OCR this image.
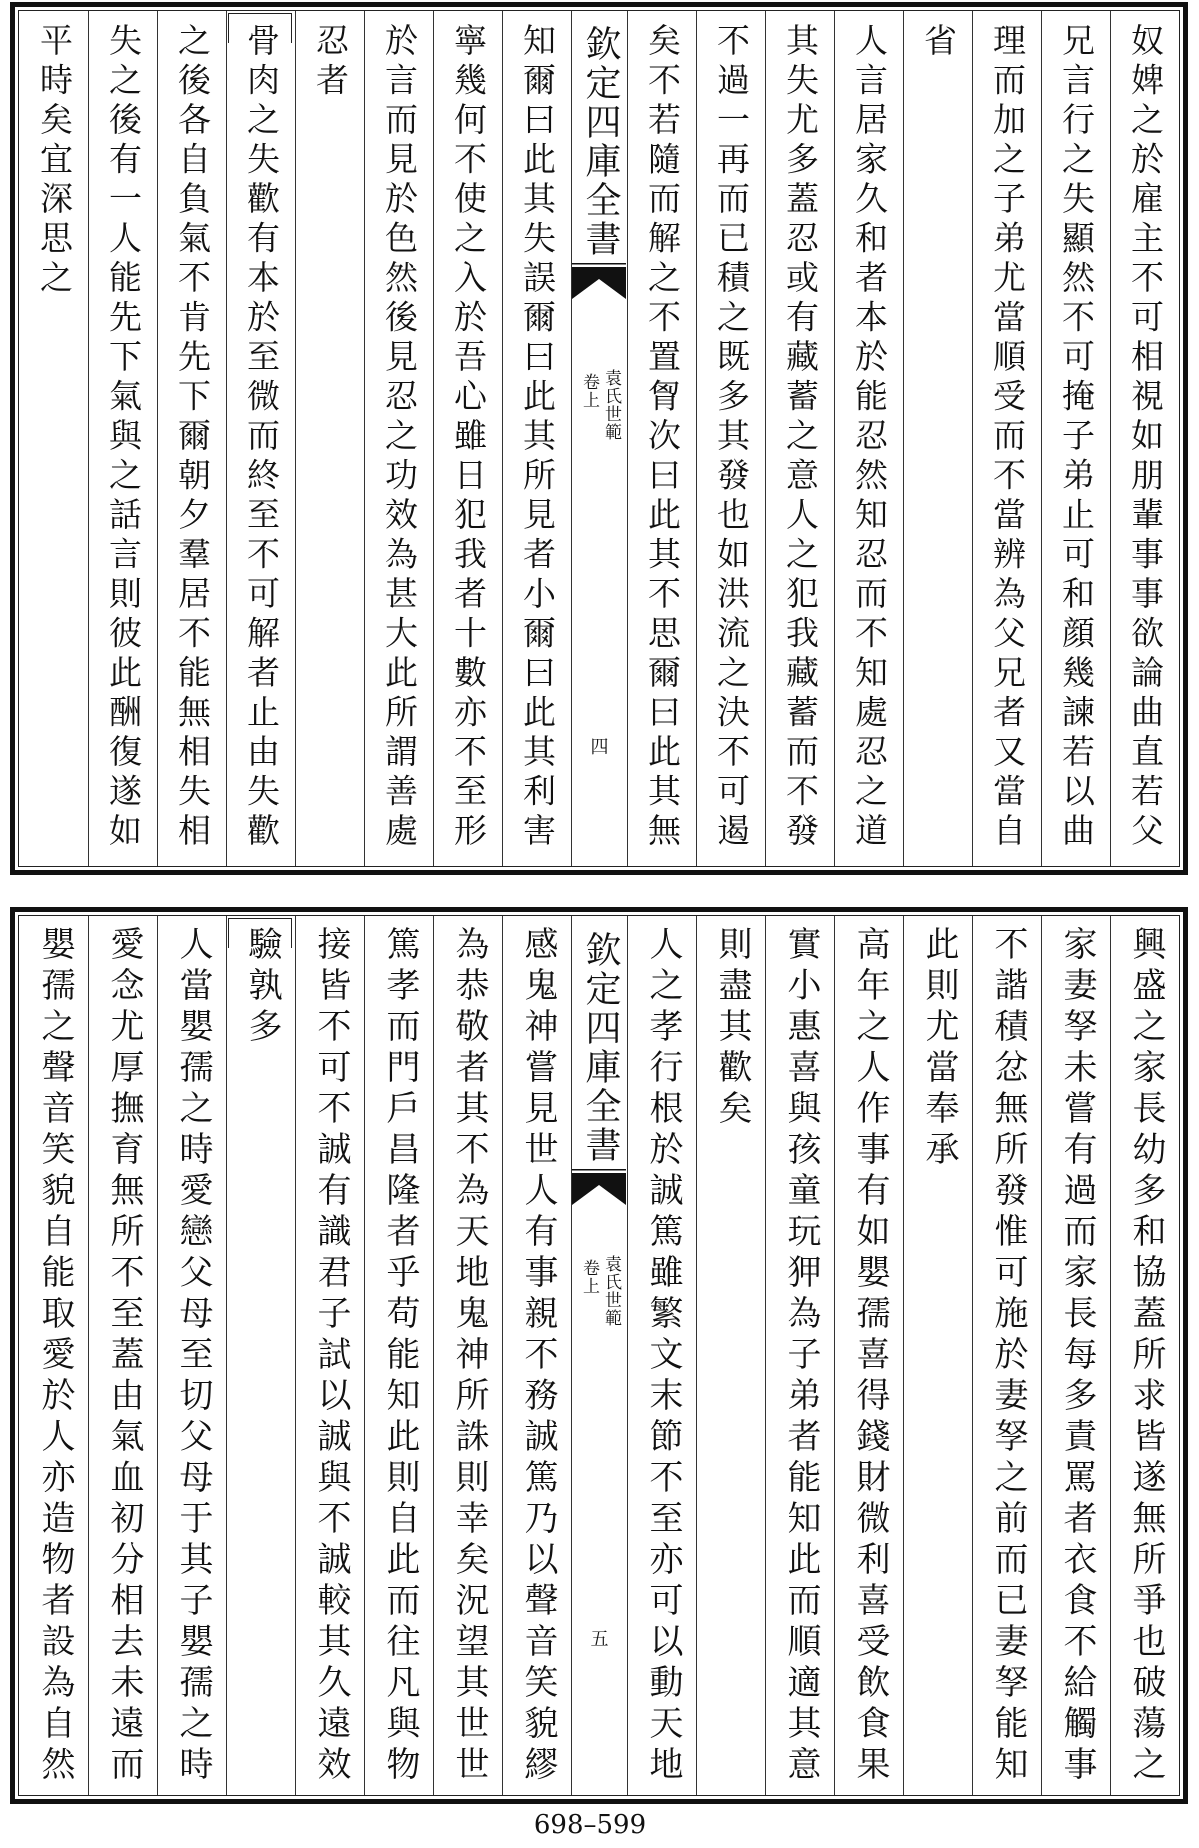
奴婢之於雇主不可相視如朋輩事事欲論曲直若父
兄言行之失顯然不可掩子弟止可和顔幾諫若以曲
理而加之子弟尤當順受而不當辨為父兄者又當自
省
人言居家久和者本於能忍然知忍而不知處忍之道
其失尤多蓋忍或有藏蓄之意人之犯我藏蓄而不發
不過一再而已積之既多其發也如洪流之決不可遏
矣不若隨而解之不置胷次曰此其不思爾曰此其無
欽定四庫全書
袁氏世範
卷上
四
知爾曰此其失誤爾曰此其所見者小爾曰此其利害
寧幾何不使之入於吾心雖日犯我者十數亦不至形
於言而見於色然後見忍之功效為甚大此所謂善處
忍者
骨肉之失歡有本於至微而終至不可解者止由失歡
之後各自負氣不肯先下爾朝夕羣居不能無相失相
失之後有一人能先下氣與之話言則彼此酬復遂如
平時矣宜深思之
興盛之家長幼多和協蓋所求皆遂無所爭也破蕩之
家妻孥未嘗有過而家長每多責罵者衣食不給觸事
不諧積忿無所發惟可施於妻孥之前而已妻孥能知
此則尤當奉承
高年之人作事有如嬰孺喜得錢財微利喜受飲食果
實小惠喜與孩童玩狎為子弟者能知此而順適其意
則盡其歡矣
人之孝行根於誠篤雖繁文末節不至亦可以動天地
欽定四庫全書
袁氏世範
卷上
五
感鬼神嘗見世人有事親不務誠篤乃以聲音笑貌繆
為恭敬者其不為天地鬼神所誅則幸矣況望其世世
篤孝而門戶昌隆者乎苟能知此則自此而往凡與物
接皆不可不誠有識君子試以誠與不誠較其久遠效
驗孰多
人當嬰孺之時愛戀父母至切父母于其子嬰孺之時
愛念尤厚撫育無所不至蓋由氣血初分相去未遠而
嬰孺之聲音笑貌自能取愛於人亦造物者設為自然
698–599
